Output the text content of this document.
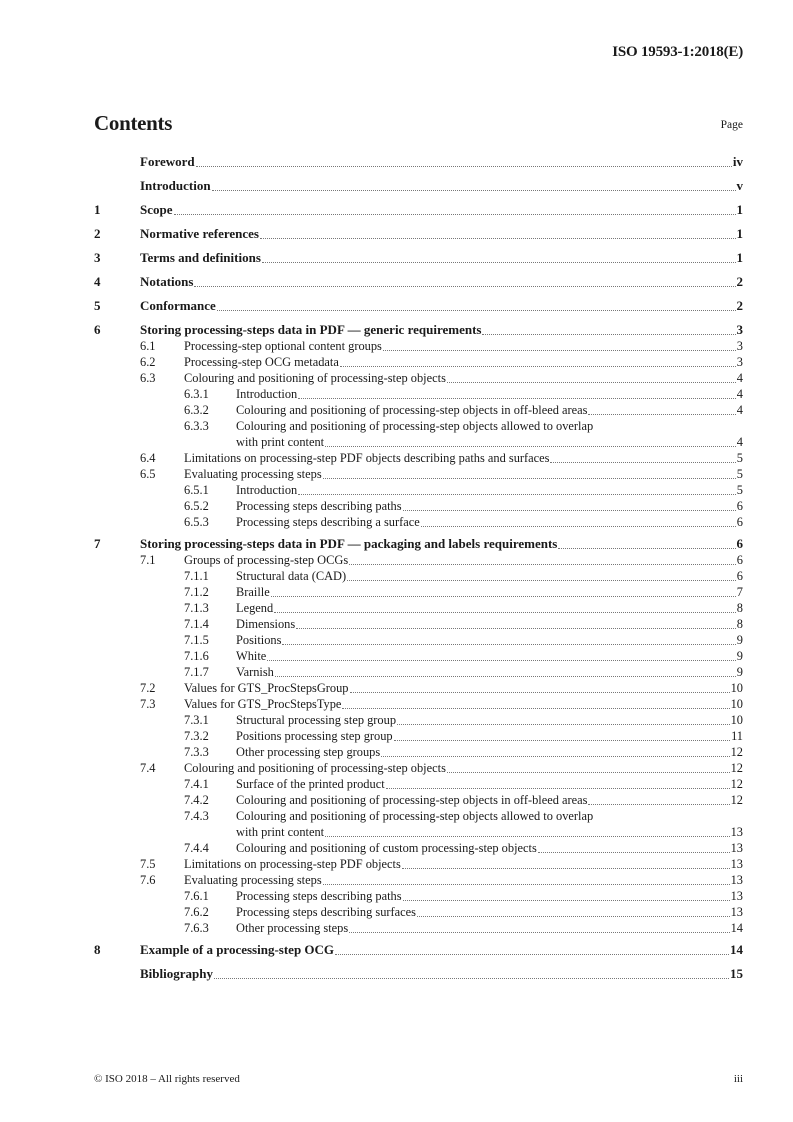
ISO 19593-1:2018(E)
Contents	Page
Foreword	iv
Introduction	v
1	Scope	1
2	Normative references	1
3	Terms and definitions	1
4	Notations	2
5	Conformance	2
6	Storing processing-steps data in PDF — generic requirements	3
6.1	Processing-step optional content groups	3
6.2	Processing-step OCG metadata	3
6.3	Colouring and positioning of processing-step objects	4
6.3.1	Introduction	4
6.3.2	Colouring and positioning of processing-step objects in off-bleed areas	4
6.3.3	Colouring and positioning of processing-step objects allowed to overlap
with print content	4
6.4	Limitations on processing-step PDF objects describing paths and surfaces	5
6.5	Evaluating processing steps	5
6.5.1	Introduction	5
6.5.2	Processing steps describing paths	6
6.5.3	Processing steps describing a surface	6
7	Storing processing-steps data in PDF — packaging and labels requirements	6
7.1	Groups of processing-step OCGs	6
7.1.1	Structural data (CAD)	6
7.1.2	Braille	7
7.1.3	Legend	8
7.1.4	Dimensions	8
7.1.5	Positions	9
7.1.6	White	9
7.1.7	Varnish	9
7.2	Values for GTS_ProcStepsGroup	10
7.3	Values for GTS_ProcStepsType	10
7.3.1	Structural processing step group	10
7.3.2	Positions processing step group	11
7.3.3	Other processing step groups	12
7.4	Colouring and positioning of processing-step objects	12
7.4.1	Surface of the printed product	12
7.4.2	Colouring and positioning of processing-step objects in off-bleed areas	12
7.4.3	Colouring and positioning of processing-step objects allowed to overlap
with print content	13
7.4.4	Colouring and positioning of custom processing-step objects	13
7.5	Limitations on processing-step PDF objects	13
7.6	Evaluating processing steps	13
7.6.1	Processing steps describing paths	13
7.6.2	Processing steps describing surfaces	13
7.6.3	Other processing steps	14
8	Example of a processing-step OCG	14
Bibliography	15
© ISO 2018 – All rights reserved	iii
